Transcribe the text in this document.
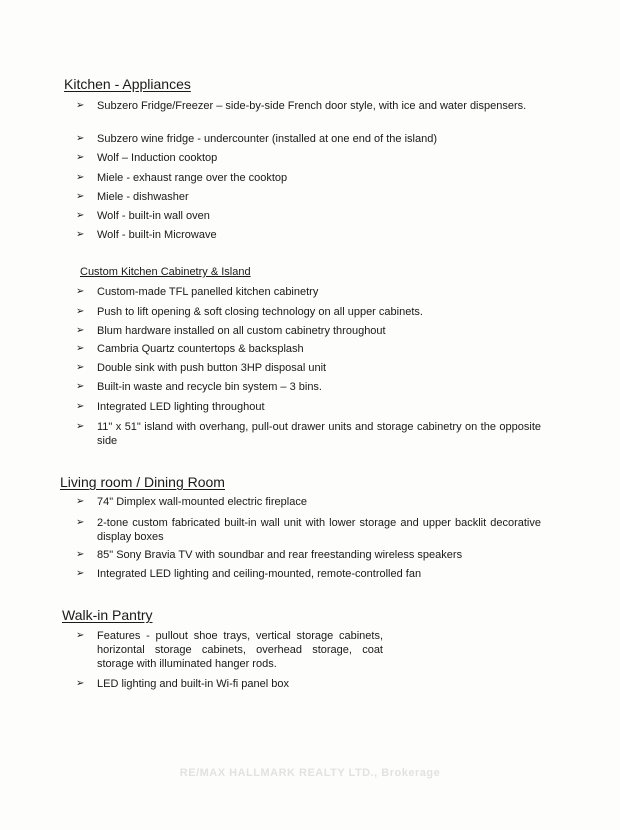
Kitchen - Appliances
➢ Subzero Fridge/Freezer – side-by-side French door style, with ice and water dispensers.
➢ Subzero wine fridge - undercounter (installed at one end of the island)
➢ Wolf – Induction cooktop
➢ Miele - exhaust range over the cooktop
➢ Miele - dishwasher
➢ Wolf - built-in wall oven
➢ Wolf - built-in Microwave
Custom Kitchen Cabinetry & Island
➢ Custom-made TFL panelled kitchen cabinetry
➢ Push to lift opening & soft closing technology on all upper cabinets.
➢ Blum hardware installed on all custom cabinetry throughout
➢ Cambria Quartz countertops & backsplash
➢ Double sink with push button 3HP disposal unit
➢ Built-in waste and recycle bin system – 3 bins.
➢ Integrated LED lighting throughout
➢ 11" x 51" island with overhang, pull-out drawer units and storage cabinetry on the opposite side
Living room / Dining Room
➢ 74" Dimplex wall-mounted electric fireplace
➢ 2-tone custom fabricated built-in wall unit with lower storage and upper backlit decorative display boxes
➢ 85" Sony Bravia TV with soundbar and rear freestanding wireless speakers
➢ Integrated LED lighting and ceiling-mounted, remote-controlled fan
Walk-in Pantry
➢ Features - pullout shoe trays, vertical storage cabinets, horizontal storage cabinets, overhead storage, coat storage with illuminated hanger rods.
➢ LED lighting and built-in Wi-fi panel box
RE/MAX HALLMARK REALTY LTD., Brokerage
